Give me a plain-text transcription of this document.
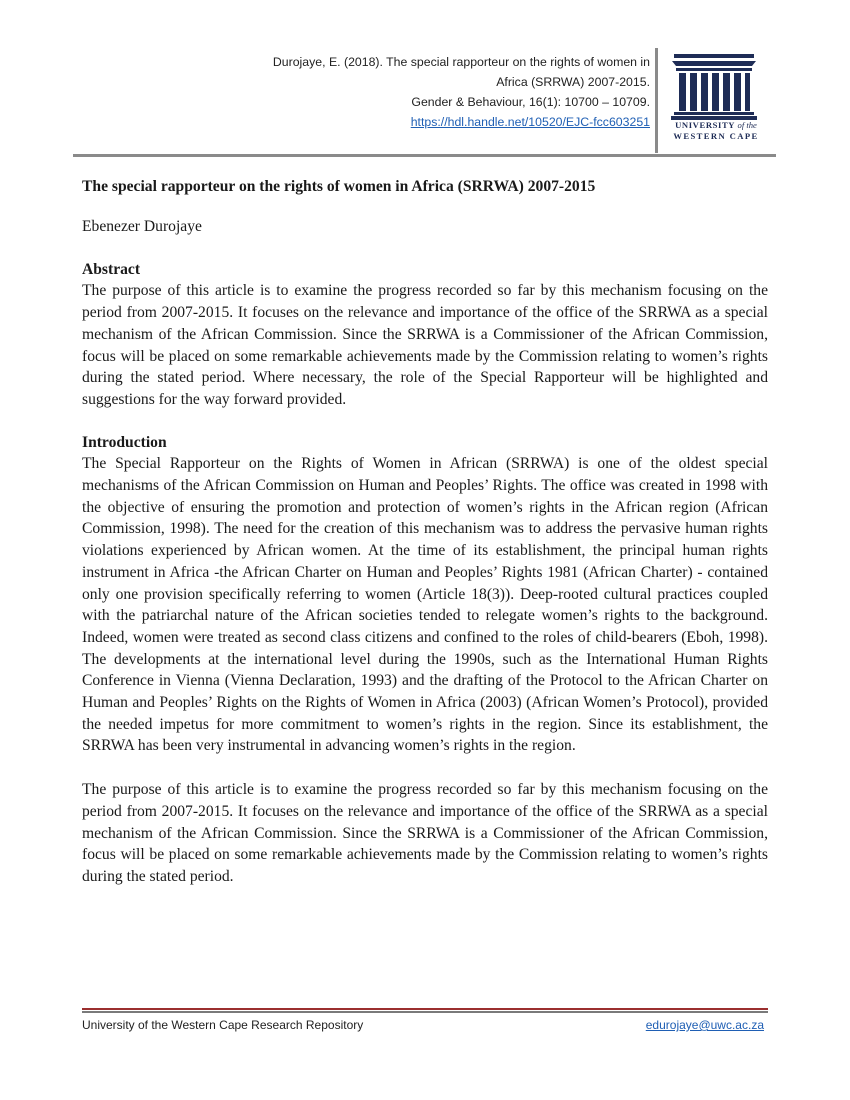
Durojaye, E. (2018). The special rapporteur on the rights of women in
Africa (SRRWA) 2007-2015.
Gender & Behaviour, 16(1): 10700 – 10709.
https://hdl.handle.net/10520/EJC-fcc603251	UNIVERSITY of the
WESTERN CAPE

The special rapporteur on the rights of women in Africa (SRRWA) 2007-2015

Ebenezer Durojaye

Abstract

The purpose of this article is to examine the progress recorded so far by this mechanism focusing on the period from 2007-2015. It focuses on the relevance and importance of the office of the SRRWA as a special mechanism of the African Commission. Since the SRRWA is a Commissioner of the African Commission, focus will be placed on some remarkable achievements made by the Commission relating to women’s rights during the stated period. Where necessary, the role of the Special Rapporteur will be highlighted and suggestions for the way forward provided.

Introduction

The Special Rapporteur on the Rights of Women in African (SRRWA) is one of the oldest special mechanisms of the African Commission on Human and Peoples’ Rights. The office was created in 1998 with the objective of ensuring the promotion and protection of women’s rights in the African region (African Commission, 1998). The need for the creation of this mechanism was to address the pervasive human rights violations experienced by African women. At the time of its establishment, the principal human rights instrument in Africa -the African Charter on Human and Peoples’ Rights 1981 (African Charter) - contained only one provision specifically referring to women (Article 18(3)). Deep-rooted cultural practices coupled with the patriarchal nature of the African societies tended to relegate women’s rights to the background. Indeed, women were treated as second class citizens and confined to the roles of child-bearers (Eboh, 1998). The developments at the international level during the 1990s, such as the International Human Rights Conference in Vienna (Vienna Declaration, 1993) and the drafting of the Protocol to the African Charter on Human and Peoples’ Rights on the Rights of Women in Africa (2003) (African Women’s Protocol), provided the needed impetus for more commitment to women’s rights in the region. Since its establishment, the SRRWA has been very instrumental in advancing women’s rights in the region.

The purpose of this article is to examine the progress recorded so far by this mechanism focusing on the period from 2007-2015. It focuses on the relevance and importance of the office of the SRRWA as a special mechanism of the African Commission. Since the SRRWA is a Commissioner of the African Commission, focus will be placed on some remarkable achievements made by the Commission relating to women’s rights during the stated period.

University of the Western Cape Research Repository	edurojaye@uwc.ac.za
